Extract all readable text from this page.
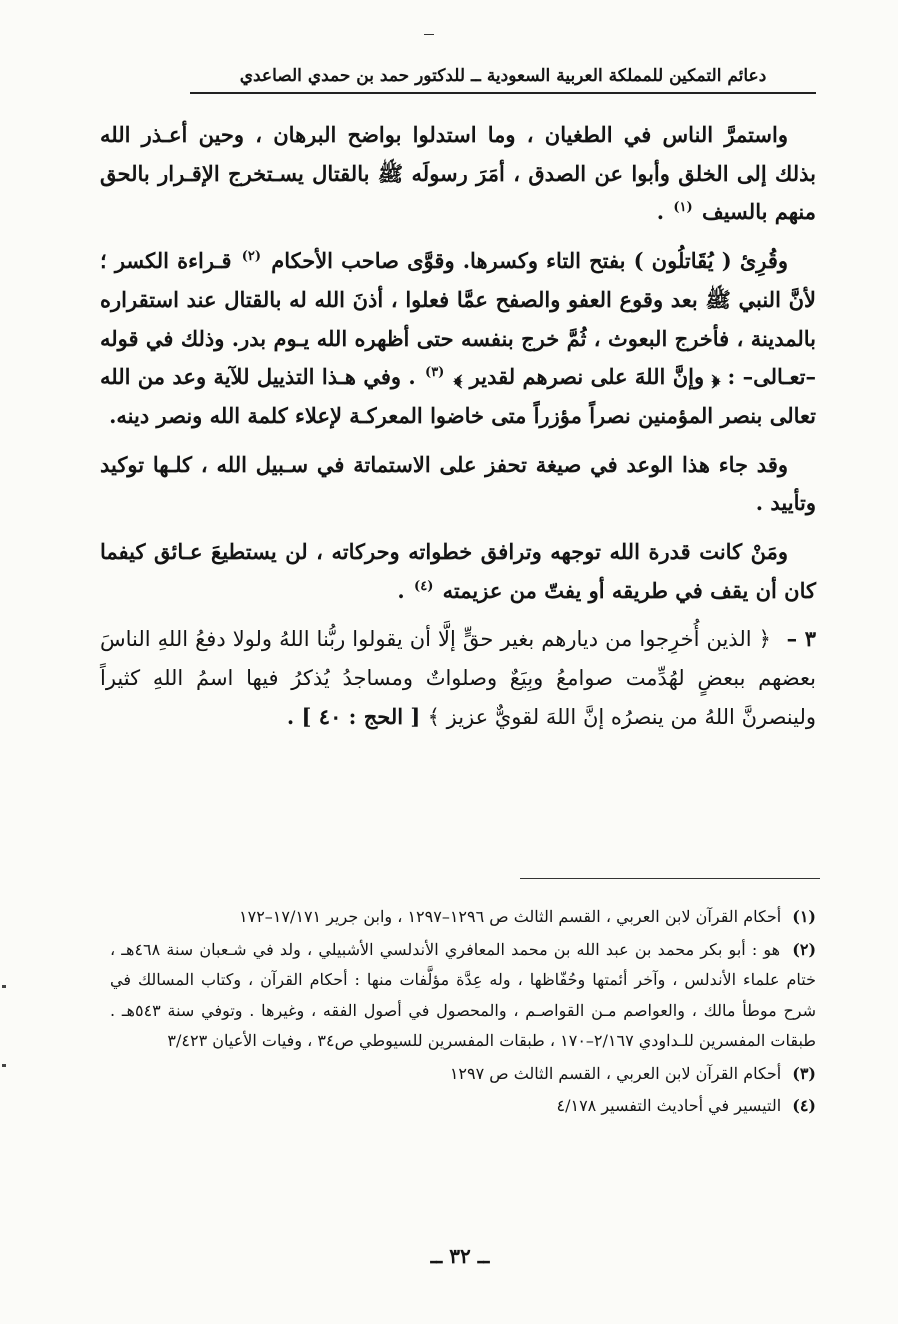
دعائم التمكين للمملكة العربية السعودية ــ للدكتور حمد بن حمدي الصاعدي

واستمرَّ الناس في الطغيان ، وما استدلوا بواضح البرهان ، وحين أعـذر الله بذلك إلى الخلق وأبوا عن الصدق ، أمَرَ رسولَه ﷺ بالقتال يسـتخرج الإقـرار بالحق منهم بالسيف $^{(١)}$ .

وقُرِئ ( يُقَاتلُون ) بفتح التاء وكسرها. وقوَّى صاحب الأحكام $^{(٢)}$ قـراءة الكسر ؛ لأنَّ النبي ﷺ بعد وقوع العفو والصفح عمَّا فعلوا ، أذنَ الله له بالقتال عند استقراره بالمدينة ، فأخرج البعوث ، ثُمَّ خرج بنفسه حتى أظهره الله يـوم بدر. وذلك في قوله –تعـالى– : ﴿ وإنَّ اللهَ على نصرهم لقدير ﴾ $^{(٣)}$ . وفي هـذا التذييل للآية وعد من الله تعالى بنصر المؤمنين نصراً مؤزراً متى خاضوا المعركـة لإعلاء كلمة الله ونصر دينه.

وقد جاء هذا الوعد في صيغة تحفز على الاستماتة في سـبيل الله ، كلـها توكيد وتأييد .

ومَنْ كانت قدرة الله توجهه وترافق خطواته وحركاته ، لن يستطيعَ عـائق كيفما كان أن يقف في طريقه أو يفتّ من عزيمته $^{(٤)}$ .

٣ – ﴿ الذين أُخرِجوا من ديارهم بغير حقٍّ إلَّا أن يقولوا ربُّنا اللهُ ولولا دفعُ اللهِ الناسَ بعضهم ببعضٍ لهُدِّمت صوامعُ وبِيَعٌ وصلواتٌ ومساجدُ يُذكرُ فيها اسمُ اللهِ كثيراً ولينصرنَّ اللهُ من ينصرُه إنَّ اللهَ لقويٌّ عزيز ﴾ [ الحج : ٤٠ ] .

(١) أحكام القرآن لابن العربي ، القسم الثالث ص ١٢٩٦–١٢٩٧ ، وابن جرير ١٧/١٧١–١٧٢
(٢) هو : أبو بكر محمد بن عبد الله بن محمد المعافري الأندلسي الأشبيلي ، ولد في شـعبان سنة ٤٦٨هـ ، ختام علماء الأندلس ، وآخر أئمتها وحُفّاظها ، وله عِدَّة مؤلَّفات منها : أحكام القرآن ، وكتاب المسالك في شرح موطأ مالك ، والعواصم مـن القواصـم ، والمحصول في أصول الفقه ، وغيرها . وتوفي سنة ٥٤٣هـ . طبقات المفسرين للـداودي ٢/١٦٧–١٧٠ ، طبقات المفسرين للسيوطي ص٣٤ ، وفيات الأعيان ٣/٤٢٣
(٣) أحكام القرآن لابن العربي ، القسم الثالث ص ١٢٩٧
(٤) التيسير في أحاديث التفسير ٤/١٧٨
ــ ٣٢ ــ
